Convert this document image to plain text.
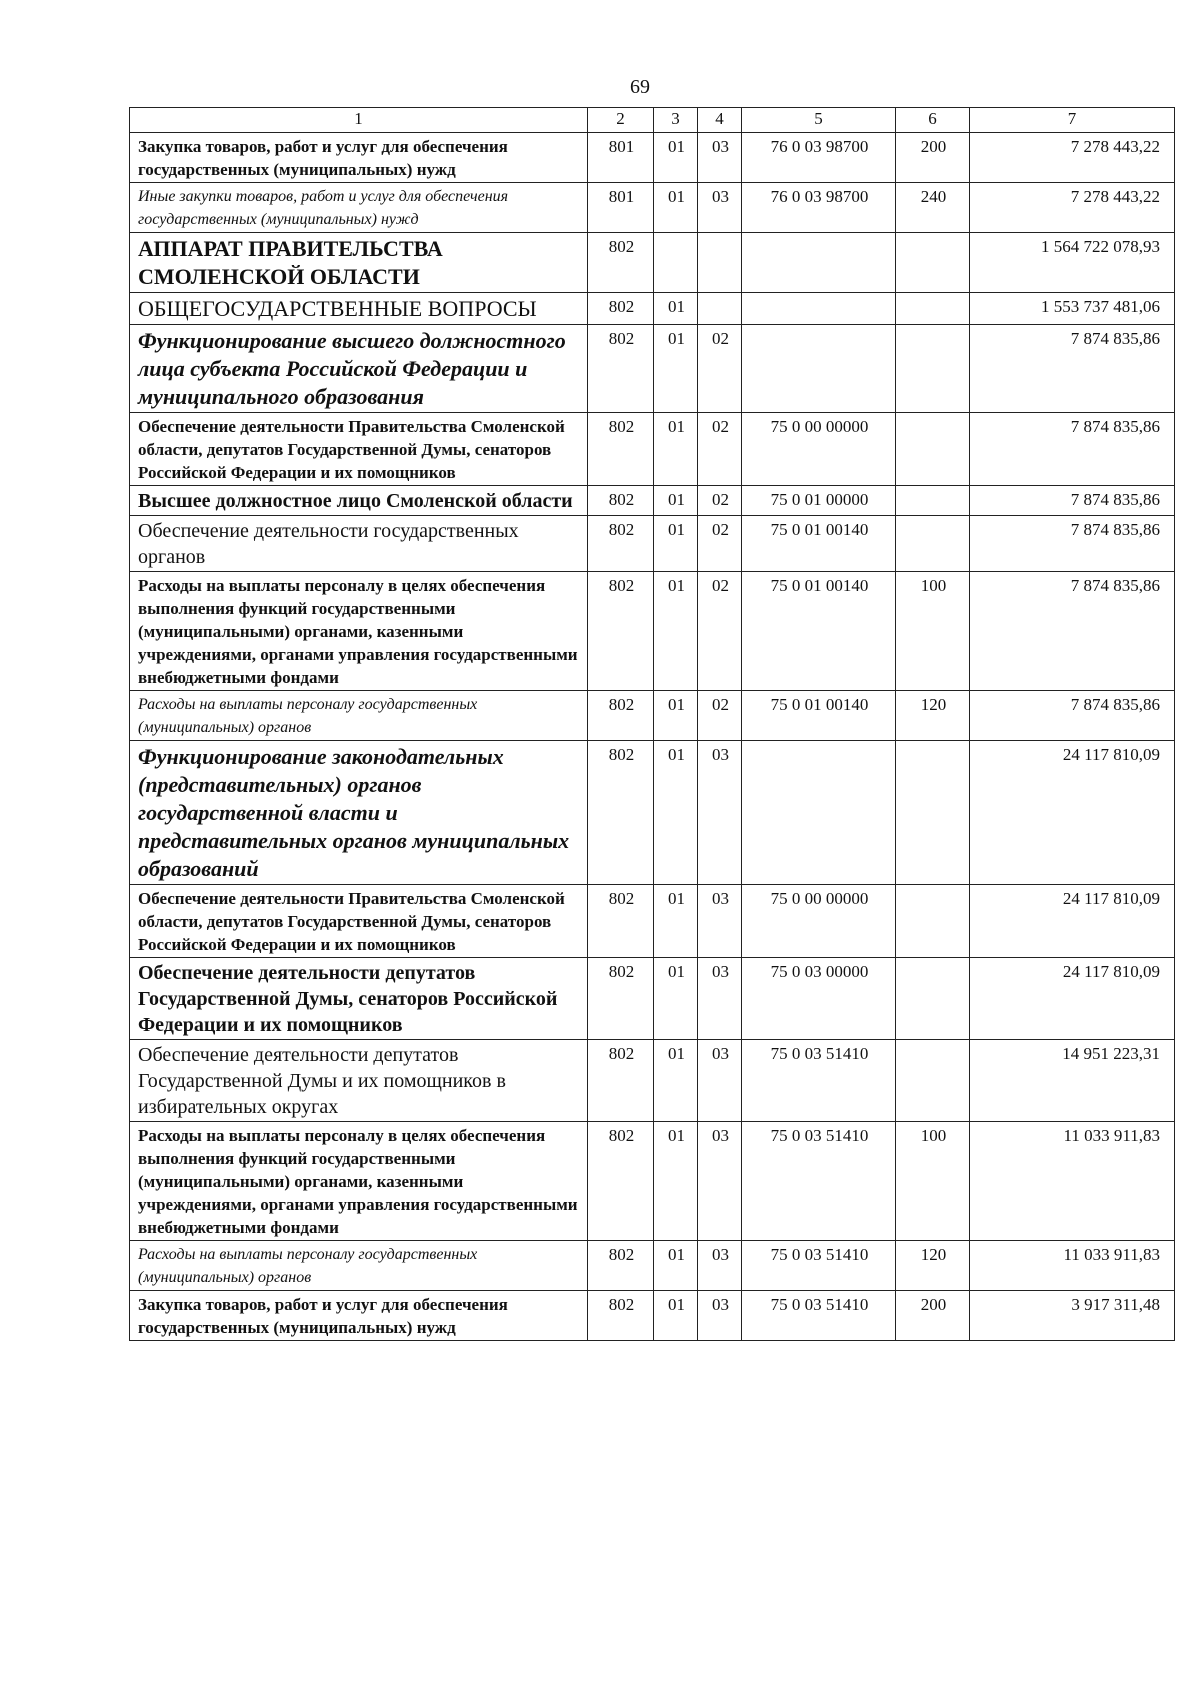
69
1	2	3	4	5	6	7
Закупка товаров, работ и услуг для обеспечения государственных (муниципальных) нужд	801	01	03	76 0 03 98700	200	7 278 443,22
Иные закупки товаров, работ и услуг для обеспечения государственных (муниципальных) нужд	801	01	03	76 0 03 98700	240	7 278 443,22
АППАРАТ ПРАВИТЕЛЬСТВА СМОЛЕНСКОЙ ОБЛАСТИ	802					1 564 722 078,93
ОБЩЕГОСУДАРСТВЕННЫЕ ВОПРОСЫ	802	01				1 553 737 481,06
Функционирование высшего должностного лица субъекта Российской Федерации и муниципального образования	802	01	02			7 874 835,86
Обеспечение деятельности Правительства Смоленской области, депутатов Государственной Думы, сенаторов Российской Федерации и их помощников	802	01	02	75 0 00 00000		7 874 835,86
Высшее должностное лицо Смоленской области	802	01	02	75 0 01 00000		7 874 835,86
Обеспечение деятельности государственных органов	802	01	02	75 0 01 00140		7 874 835,86
Расходы на выплаты персоналу в целях обеспечения выполнения функций государственными (муниципальными) органами, казенными учреждениями, органами управления государственными внебюджетными фондами	802	01	02	75 0 01 00140	100	7 874 835,86
Расходы на выплаты персоналу государственных (муниципальных) органов	802	01	02	75 0 01 00140	120	7 874 835,86
Функционирование законодательных (представительных) органов государственной власти и представительных органов муниципальных образований	802	01	03			24 117 810,09
Обеспечение деятельности Правительства Смоленской области, депутатов Государственной Думы, сенаторов Российской Федерации и их помощников	802	01	03	75 0 00 00000		24 117 810,09
Обеспечение деятельности депутатов Государственной Думы, сенаторов Российской Федерации и их помощников	802	01	03	75 0 03 00000		24 117 810,09
Обеспечение деятельности депутатов Государственной Думы и их помощников в избирательных округах	802	01	03	75 0 03 51410		14 951 223,31
Расходы на выплаты персоналу в целях обеспечения выполнения функций государственными (муниципальными) органами, казенными учреждениями, органами управления государственными внебюджетными фондами	802	01	03	75 0 03 51410	100	11 033 911,83
Расходы на выплаты персоналу государственных (муниципальных) органов	802	01	03	75 0 03 51410	120	11 033 911,83
Закупка товаров, работ и услуг для обеспечения государственных (муниципальных) нужд	802	01	03	75 0 03 51410	200	3 917 311,48
